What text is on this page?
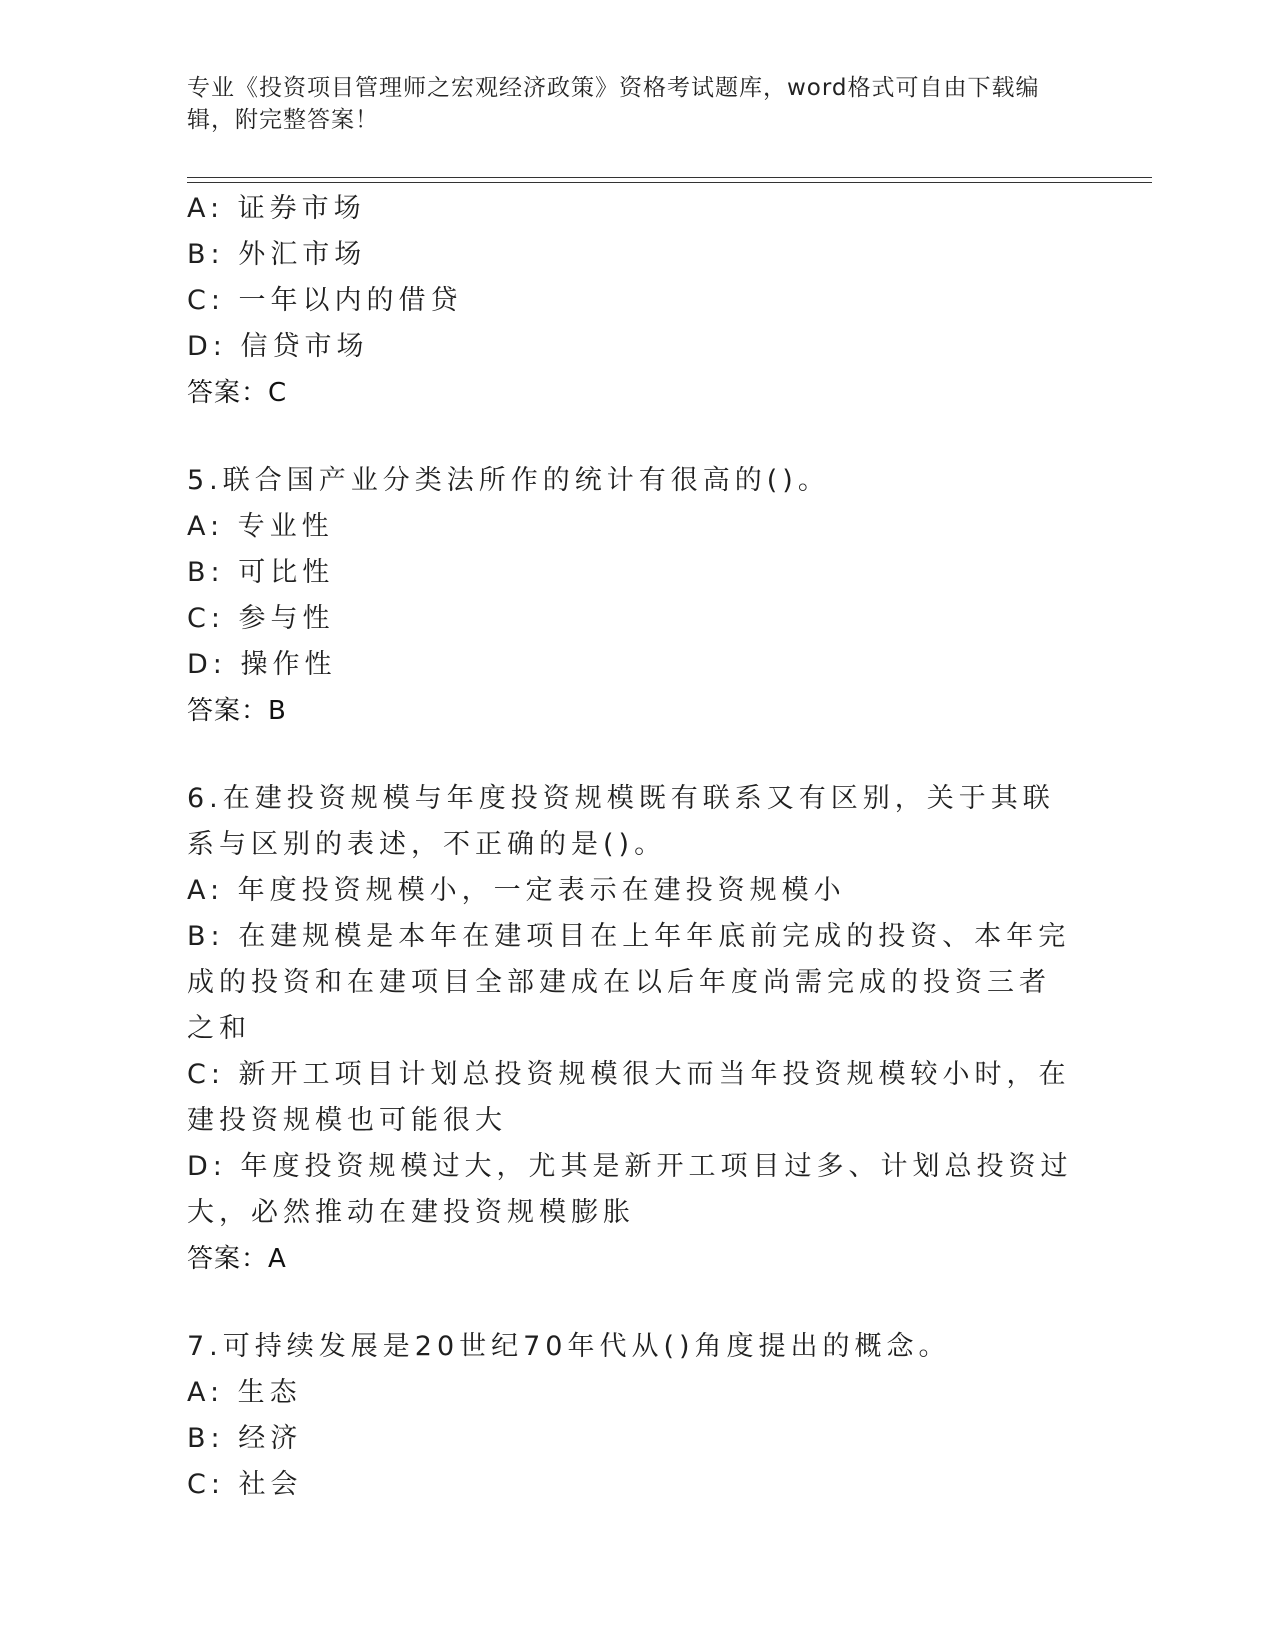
专业《投资项目管理师之宏观经济政策》资格考试题库，word格式可自由下载编辑，附完整答案！
A: 证券市场
B: 外汇市场
C: 一年以内的借贷
D: 信贷市场
答案：C
5.联合国产业分类法所作的统计有很高的()。
A: 专业性
B: 可比性
C: 参与性
D: 操作性
答案：B
6.在建投资规模与年度投资规模既有联系又有区别，关于其联系与区别的表述，不正确的是()。
A: 年度投资规模小，一定表示在建投资规模小
B: 在建规模是本年在建项目在上年年底前完成的投资、本年完成的投资和在建项目全部建成在以后年度尚需完成的投资三者之和
C: 新开工项目计划总投资规模很大而当年投资规模较小时，在建投资规模也可能很大
D: 年度投资规模过大，尤其是新开工项目过多、计划总投资过大，必然推动在建投资规模膨胀
答案：A
7.可持续发展是20世纪70年代从()角度提出的概念。
A: 生态
B: 经济
C: 社会
